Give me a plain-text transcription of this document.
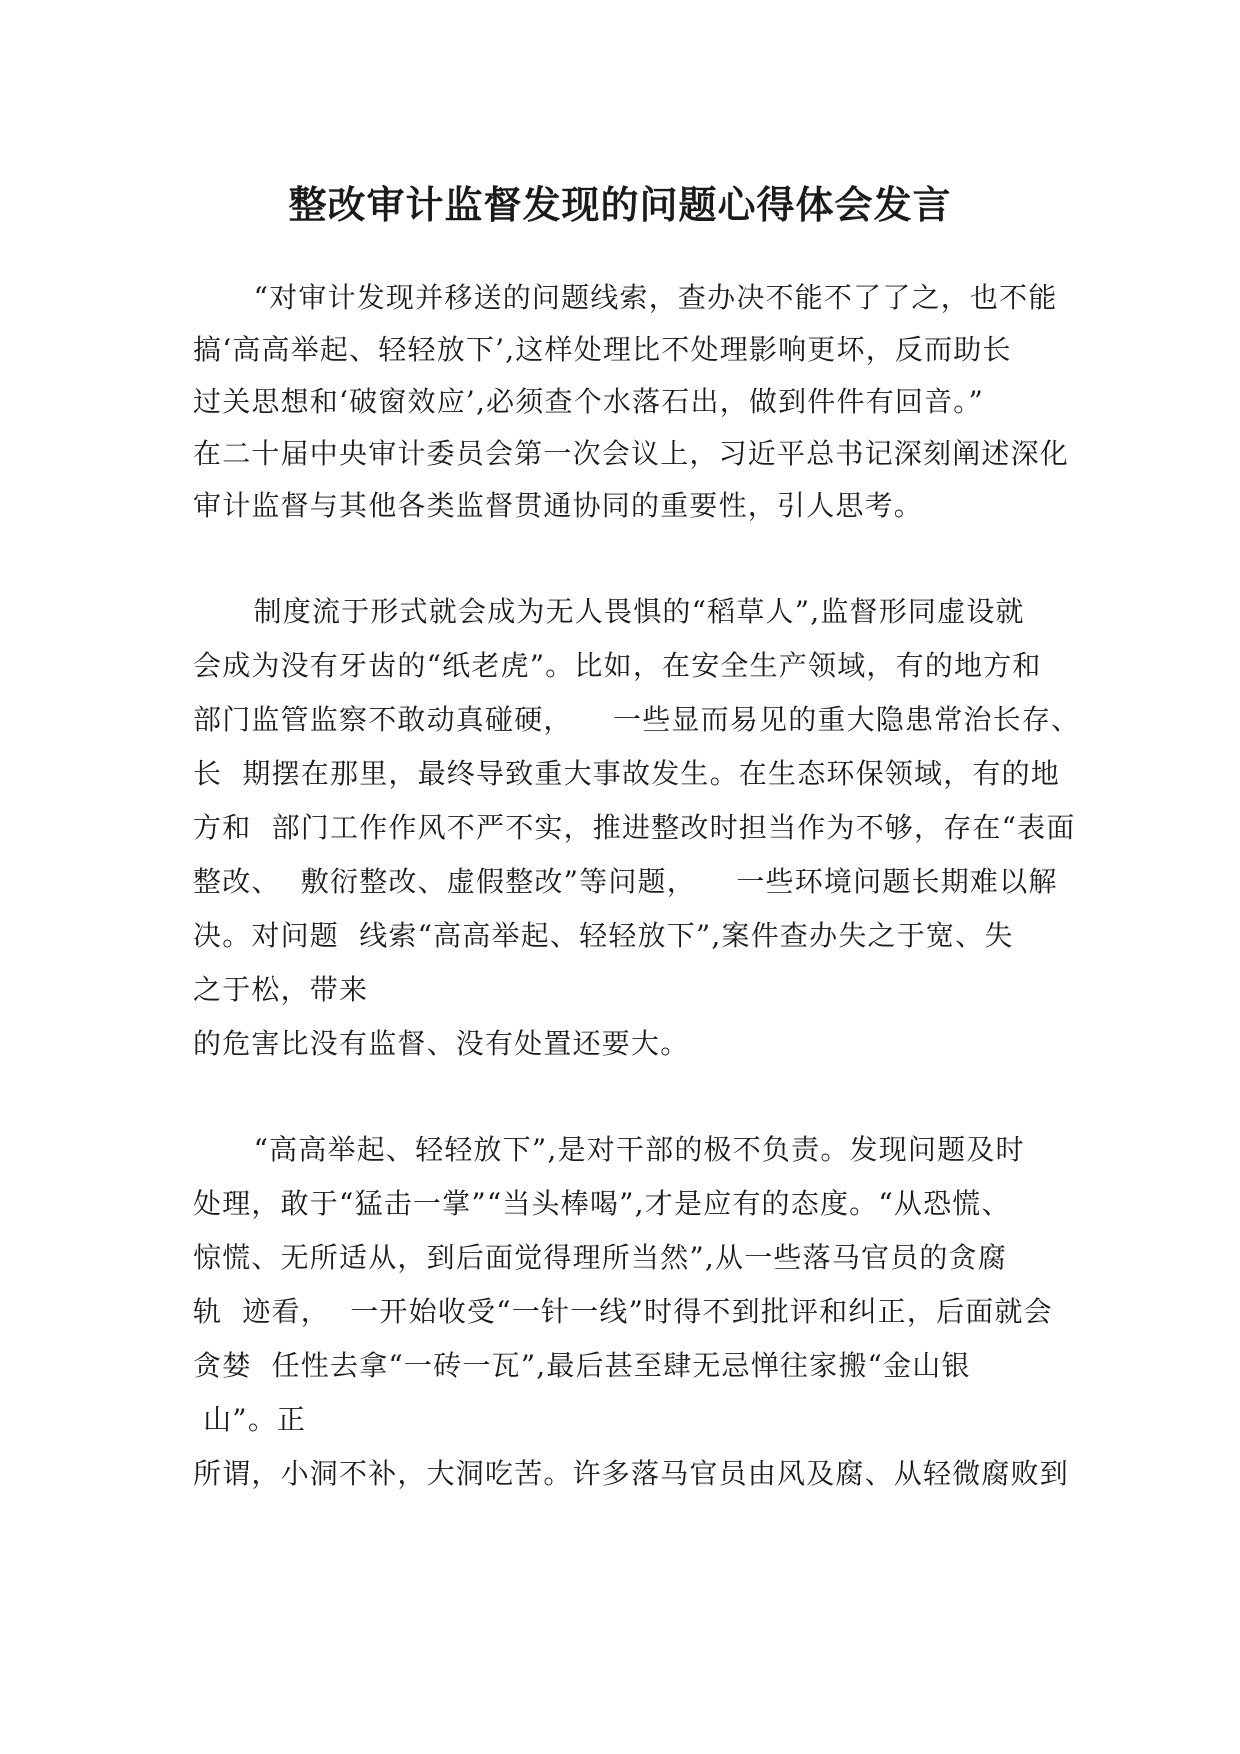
整改审计监督发现的问题心得体会发言

“对审计发现并移送的问题线索，查办决不能不了了之，也不能

搞‘高高举起、轻轻放下’,这样处理比不处理影响更坏，反而助长

过关思想和‘破窗效应’,必须查个水落石出，做到件件有回音。”

在二十届中央审计委员会第一次会议上，习近平总书记深刻阐述深化

审计监督与其他各类监督贯通协同的重要性，引人思考。

制度流于形式就会成为无人畏惧的“稻草人”,监督形同虚设就

会成为没有牙齿的“纸老虎”。比如，在安全生产领域，有的地方和

部门监管监察不敢动真碰硬，    一些显而易见的重大隐患常治长存、

长  期摆在那里，最终导致重大事故发生。在生态环保领域，有的地

方和  部门工作作风不严不实，推进整改时担当作为不够，存在“表面

整改、  敷衍整改、虚假整改”等问题，    一些环境问题长期难以解

决。对问题  线索“高高举起、轻轻放下”,案件查办失之于宽、失

之于松，带来

的危害比没有监督、没有处置还要大。

“高高举起、轻轻放下”,是对干部的极不负责。发现问题及时

处理，敢于“猛击一掌”“当头棒喝”,才是应有的态度。“从恐慌、

惊慌、无所适从，到后面觉得理所当然”,从一些落马官员的贪腐

轨  迹看，  一开始收受“一针一线”时得不到批评和纠正，后面就会

贪婪  任性去拿“一砖一瓦”,最后甚至肆无忌惮往家搬“金山银

山”。正

所谓，小洞不补，大洞吃苦。许多落马官员由风及腐、从轻微腐败到
